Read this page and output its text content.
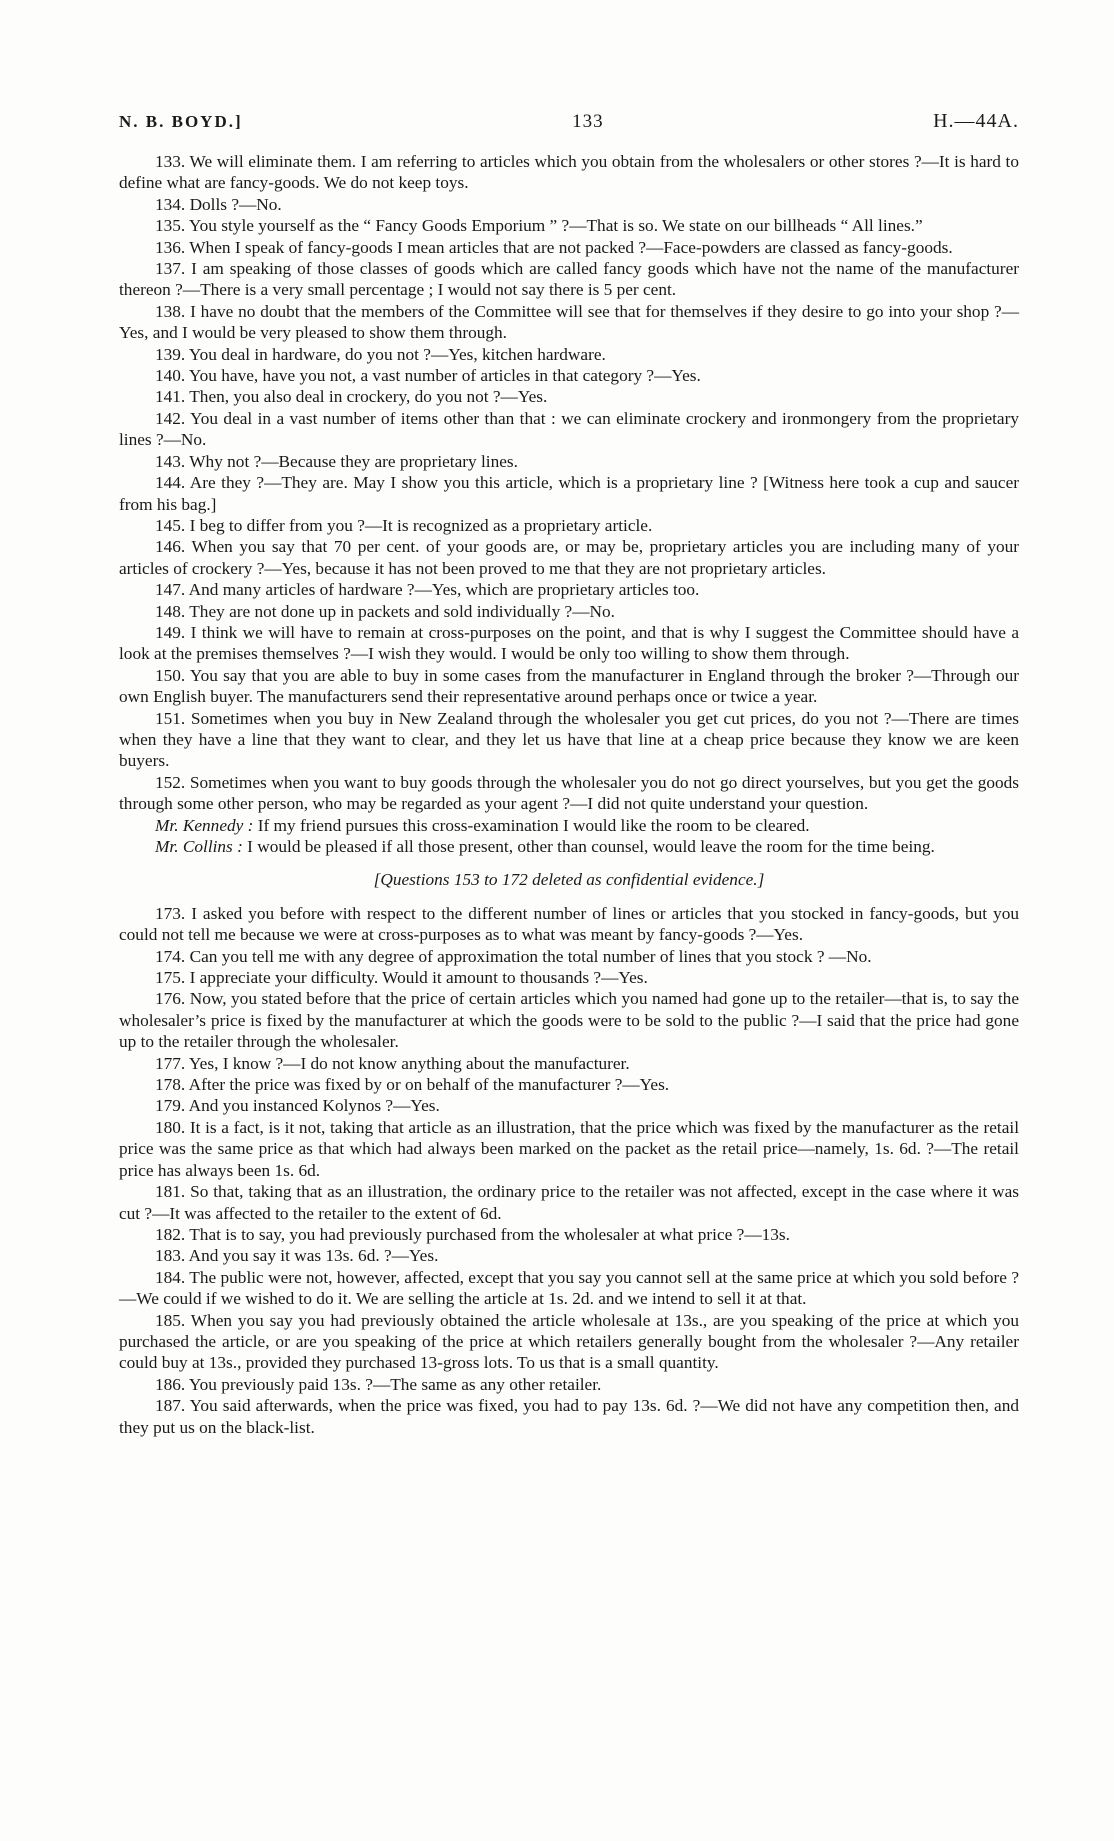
N. B. BOYD.]	133	H.—44A.

133. We will eliminate them. I am referring to articles which you obtain from the wholesalers or other stores ?—It is hard to define what are fancy-goods. We do not keep toys.

134. Dolls ?—No.

135. You style yourself as the “ Fancy Goods Emporium ” ?—That is so. We state on our billheads “ All lines.”

136. When I speak of fancy-goods I mean articles that are not packed ?—Face-powders are classed as fancy-goods.

137. I am speaking of those classes of goods which are called fancy goods which have not the name of the manufacturer thereon ?—There is a very small percentage ; I would not say there is 5 per cent.

138. I have no doubt that the members of the Committee will see that for themselves if they desire to go into your shop ?—Yes, and I would be very pleased to show them through.

139. You deal in hardware, do you not ?—Yes, kitchen hardware.

140. You have, have you not, a vast number of articles in that category ?—Yes.

141. Then, you also deal in crockery, do you not ?—Yes.

142. You deal in a vast number of items other than that : we can eliminate crockery and ironmongery from the proprietary lines ?—No.

143. Why not ?—Because they are proprietary lines.

144. Are they ?—They are. May I show you this article, which is a proprietary line ? [Witness here took a cup and saucer from his bag.]

145. I beg to differ from you ?—It is recognized as a proprietary article.

146. When you say that 70 per cent. of your goods are, or may be, proprietary articles you are including many of your articles of crockery ?—Yes, because it has not been proved to me that they are not proprietary articles.

147. And many articles of hardware ?—Yes, which are proprietary articles too.

148. They are not done up in packets and sold individually ?—No.

149. I think we will have to remain at cross-purposes on the point, and that is why I suggest the Committee should have a look at the premises themselves ?—I wish they would. I would be only too willing to show them through.

150. You say that you are able to buy in some cases from the manufacturer in England through the broker ?—Through our own English buyer. The manufacturers send their representative around perhaps once or twice a year.

151. Sometimes when you buy in New Zealand through the wholesaler you get cut prices, do you not ?—There are times when they have a line that they want to clear, and they let us have that line at a cheap price because they know we are keen buyers.

152. Sometimes when you want to buy goods through the wholesaler you do not go direct yourselves, but you get the goods through some other person, who may be regarded as your agent ?—I did not quite understand your question.

Mr. Kennedy : If my friend pursues this cross-examination I would like the room to be cleared.

Mr. Collins : I would be pleased if all those present, other than counsel, would leave the room for the time being.

[Questions 153 to 172 deleted as confidential evidence.]

173. I asked you before with respect to the different number of lines or articles that you stocked in fancy-goods, but you could not tell me because we were at cross-purposes as to what was meant by fancy-goods ?—Yes.

174. Can you tell me with any degree of approximation the total number of lines that you stock ? —No.

175. I appreciate your difficulty. Would it amount to thousands ?—Yes.

176. Now, you stated before that the price of certain articles which you named had gone up to the retailer—that is, to say the wholesaler’s price is fixed by the manufacturer at which the goods were to be sold to the public ?—I said that the price had gone up to the retailer through the wholesaler.

177. Yes, I know ?—I do not know anything about the manufacturer.

178. After the price was fixed by or on behalf of the manufacturer ?—Yes.

179. And you instanced Kolynos ?—Yes.

180. It is a fact, is it not, taking that article as an illustration, that the price which was fixed by the manufacturer as the retail price was the same price as that which had always been marked on the packet as the retail price—namely, 1s. 6d. ?—The retail price has always been 1s. 6d.

181. So that, taking that as an illustration, the ordinary price to the retailer was not affected, except in the case where it was cut ?—It was affected to the retailer to the extent of 6d.

182. That is to say, you had previously purchased from the wholesaler at what price ?—13s.

183. And you say it was 13s. 6d. ?—Yes.

184. The public were not, however, affected, except that you say you cannot sell at the same price at which you sold before ?—We could if we wished to do it. We are selling the article at 1s. 2d. and we intend to sell it at that.

185. When you say you had previously obtained the article wholesale at 13s., are you speaking of the price at which you purchased the article, or are you speaking of the price at which retailers generally bought from the wholesaler ?—Any retailer could buy at 13s., provided they purchased 13-gross lots. To us that is a small quantity.

186. You previously paid 13s. ?—The same as any other retailer.

187. You said afterwards, when the price was fixed, you had to pay 13s. 6d. ?—We did not have any competition then, and they put us on the black-list.
